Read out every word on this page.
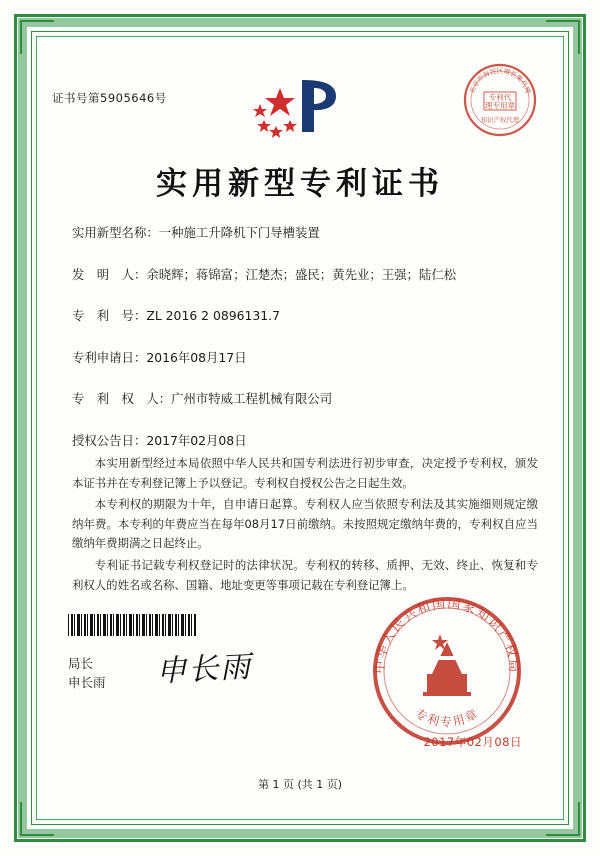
证书号第5905646号
北京市海淀区增长集代理
专利代
理专用章
知识产权代理
实用新型专利证书
实用新型名称：一种施工升降机下门导槽装置
发　明　人：余晓辉；蒋锦富；江楚杰；盛民；黄先业；王强；陆仁松
专　利　号：ZL 2016 2 0896131.7
专利申请日：2016年08月17日
专　利　权　人：广州市特威工程机械有限公司
授权公告日：2017年02月08日

本实用新型经过本局依照中华人民共和国专利法进行初步审查，决定授予专利权，颁发本证书并在专利登记簿上予以登记。专利权自授权公告之日起生效。

本专利权的期限为十年，自申请日起算。专利权人应当依照专利法及其实施细则规定缴纳年费。本专利的年费应当在每年08月17日前缴纳。未按照规定缴纳年费的，专利权自应当缴纳年费期满之日起终止。

专利证书记载专利权登记时的法律状况。专利权的转移、质押、无效、终止、恢复和专利权人的姓名或名称、国籍、地址变更等事项记载在专利登记簿上。

局长
申长雨 申长雨	中华人民共和国国家知识产权局
专利专用章
2017年02月08日
第 1 页 (共 1 页)
